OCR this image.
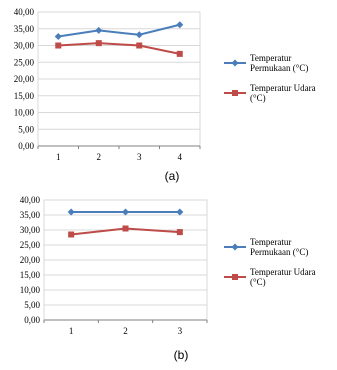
0,00
5,00
10,00
15,00
20,00
25,00
30,00
35,00
40,00
1	2	3	4
Temperatur
Permukaan (°C)
Temperatur Udara
(°C)
(a)
0,00
5,00
10,00
15,00
20,00
25,00
30,00
35,00
40,00
1	2	3
Temperatur
Permukaan (°C)
Temperatur Udara
(°C)
(b)
